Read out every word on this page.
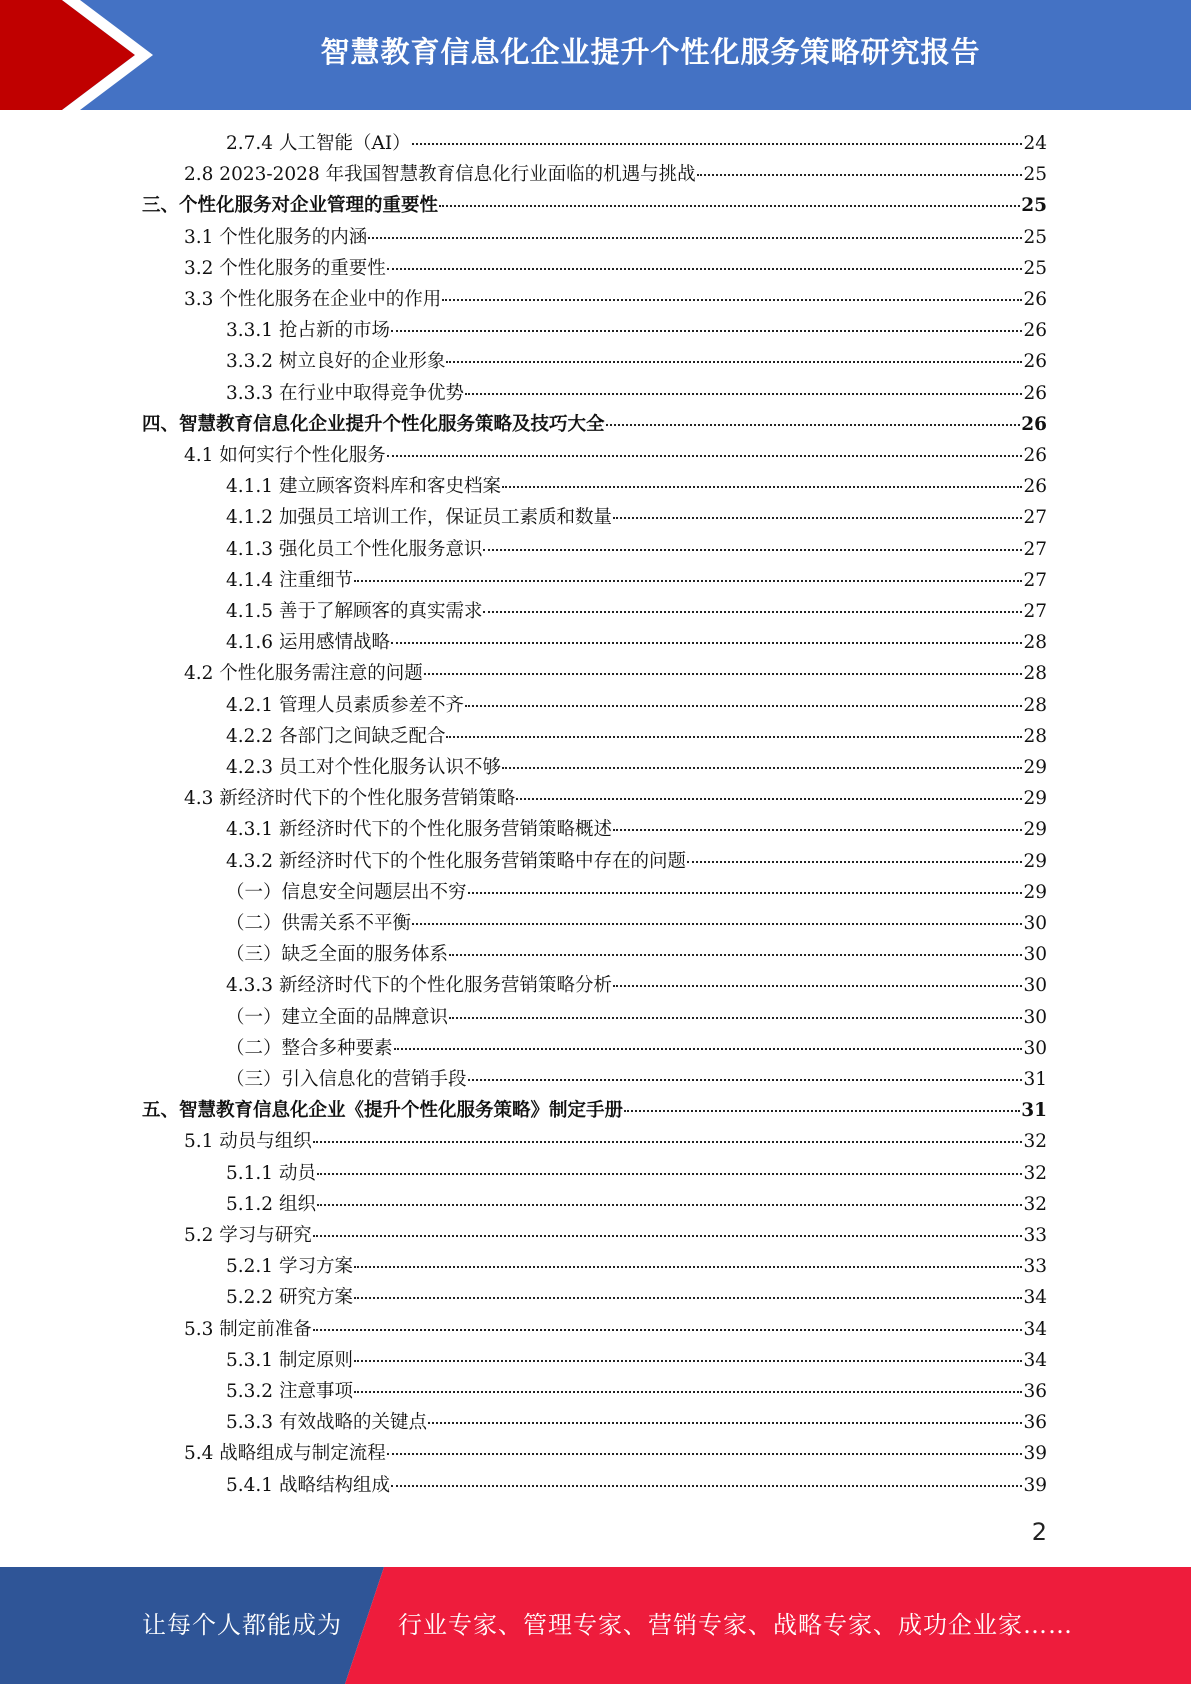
智慧教育信息化企业提升个性化服务策略研究报告
2.7.4 人工智能（AI）	24
2.8 2023-2028 年我国智慧教育信息化行业面临的机遇与挑战	25
三、个性化服务对企业管理的重要性	25
3.1 个性化服务的内涵	25
3.2 个性化服务的重要性	25
3.3 个性化服务在企业中的作用	26
3.3.1 抢占新的市场	26
3.3.2 树立良好的企业形象	26
3.3.3 在行业中取得竞争优势	26
四、智慧教育信息化企业提升个性化服务策略及技巧大全	26
4.1 如何实行个性化服务	26
4.1.1 建立顾客资料库和客史档案	26
4.1.2 加强员工培训工作，保证员工素质和数量	27
4.1.3 强化员工个性化服务意识	27
4.1.4 注重细节	27
4.1.5 善于了解顾客的真实需求	27
4.1.6 运用感情战略	28
4.2 个性化服务需注意的问题	28
4.2.1 管理人员素质参差不齐	28
4.2.2 各部门之间缺乏配合	28
4.2.3 员工对个性化服务认识不够	29
4.3 新经济时代下的个性化服务营销策略	29
4.3.1 新经济时代下的个性化服务营销策略概述	29
4.3.2 新经济时代下的个性化服务营销策略中存在的问题	29
（一）信息安全问题层出不穷	29
（二）供需关系不平衡	30
（三）缺乏全面的服务体系	30
4.3.3 新经济时代下的个性化服务营销策略分析	30
（一）建立全面的品牌意识	30
（二）整合多种要素	30
（三）引入信息化的营销手段	31
五、智慧教育信息化企业《提升个性化服务策略》制定手册	31
5.1 动员与组织	32
5.1.1 动员	32
5.1.2 组织	32
5.2 学习与研究	33
5.2.1 学习方案	33
5.2.2 研究方案	34
5.3 制定前准备	34
5.3.1 制定原则	34
5.3.2 注意事项	36
5.3.3 有效战略的关键点	36
5.4 战略组成与制定流程	39
5.4.1 战略结构组成	39
2
让每个人都能成为 行业专家、管理专家、营销专家、战略专家、成功企业家……
